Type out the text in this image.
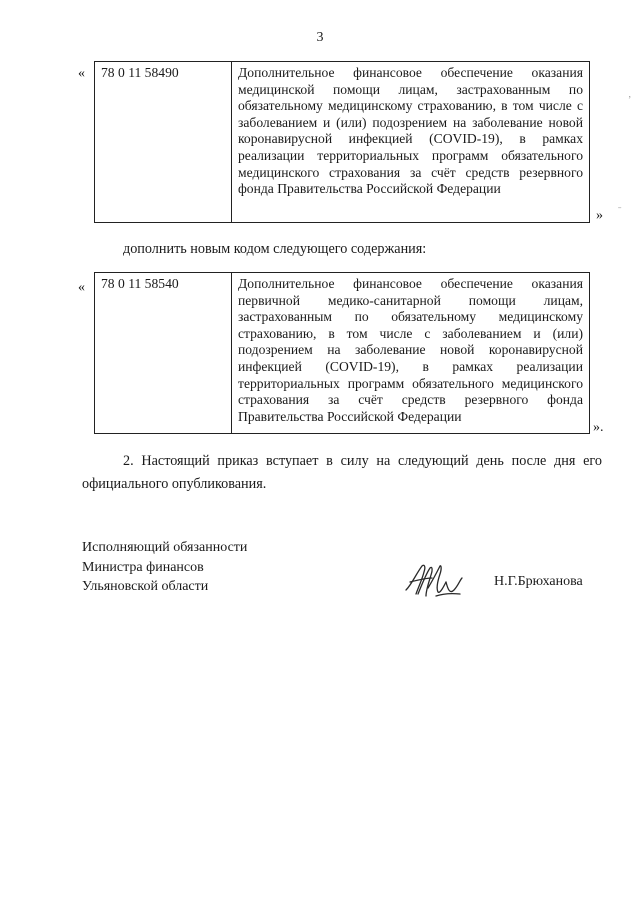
3
« 78 0 11 58490	Дополнительное финансовое обеспечение оказания медицинской помощи лицам, застрахованным по обязательному медицинскому страхованию, в том числе с заболеванием и (или) подозрением на заболевание новой коронавирусной инфекцией (COVID-19), в рамках реализации территориальных программ обязательного медицинского страхования за счёт средств резервного фонда Правительства Российской Федерации
»
дополнить новым кодом следующего содержания:
« 78 0 11 58540	Дополнительное финансовое обеспечение оказания первичной медико-санитарной помощи лицам, застрахованным по обязательному медицинскому страхованию, в том числе с заболеванием и (или) подозрением на заболевание новой коронавирусной инфекцией (COVID-19), в рамках реализации территориальных программ обязательного медицинского страхования за счёт средств резервного фонда Правительства Российской Федерации
».
2. Настоящий приказ вступает в силу на следующий день после дня его официального опубликования.
Исполняющий обязанности
Министра финансов
Ульяновской области	Н.Г.Брюханова
ʼ
ˉ
